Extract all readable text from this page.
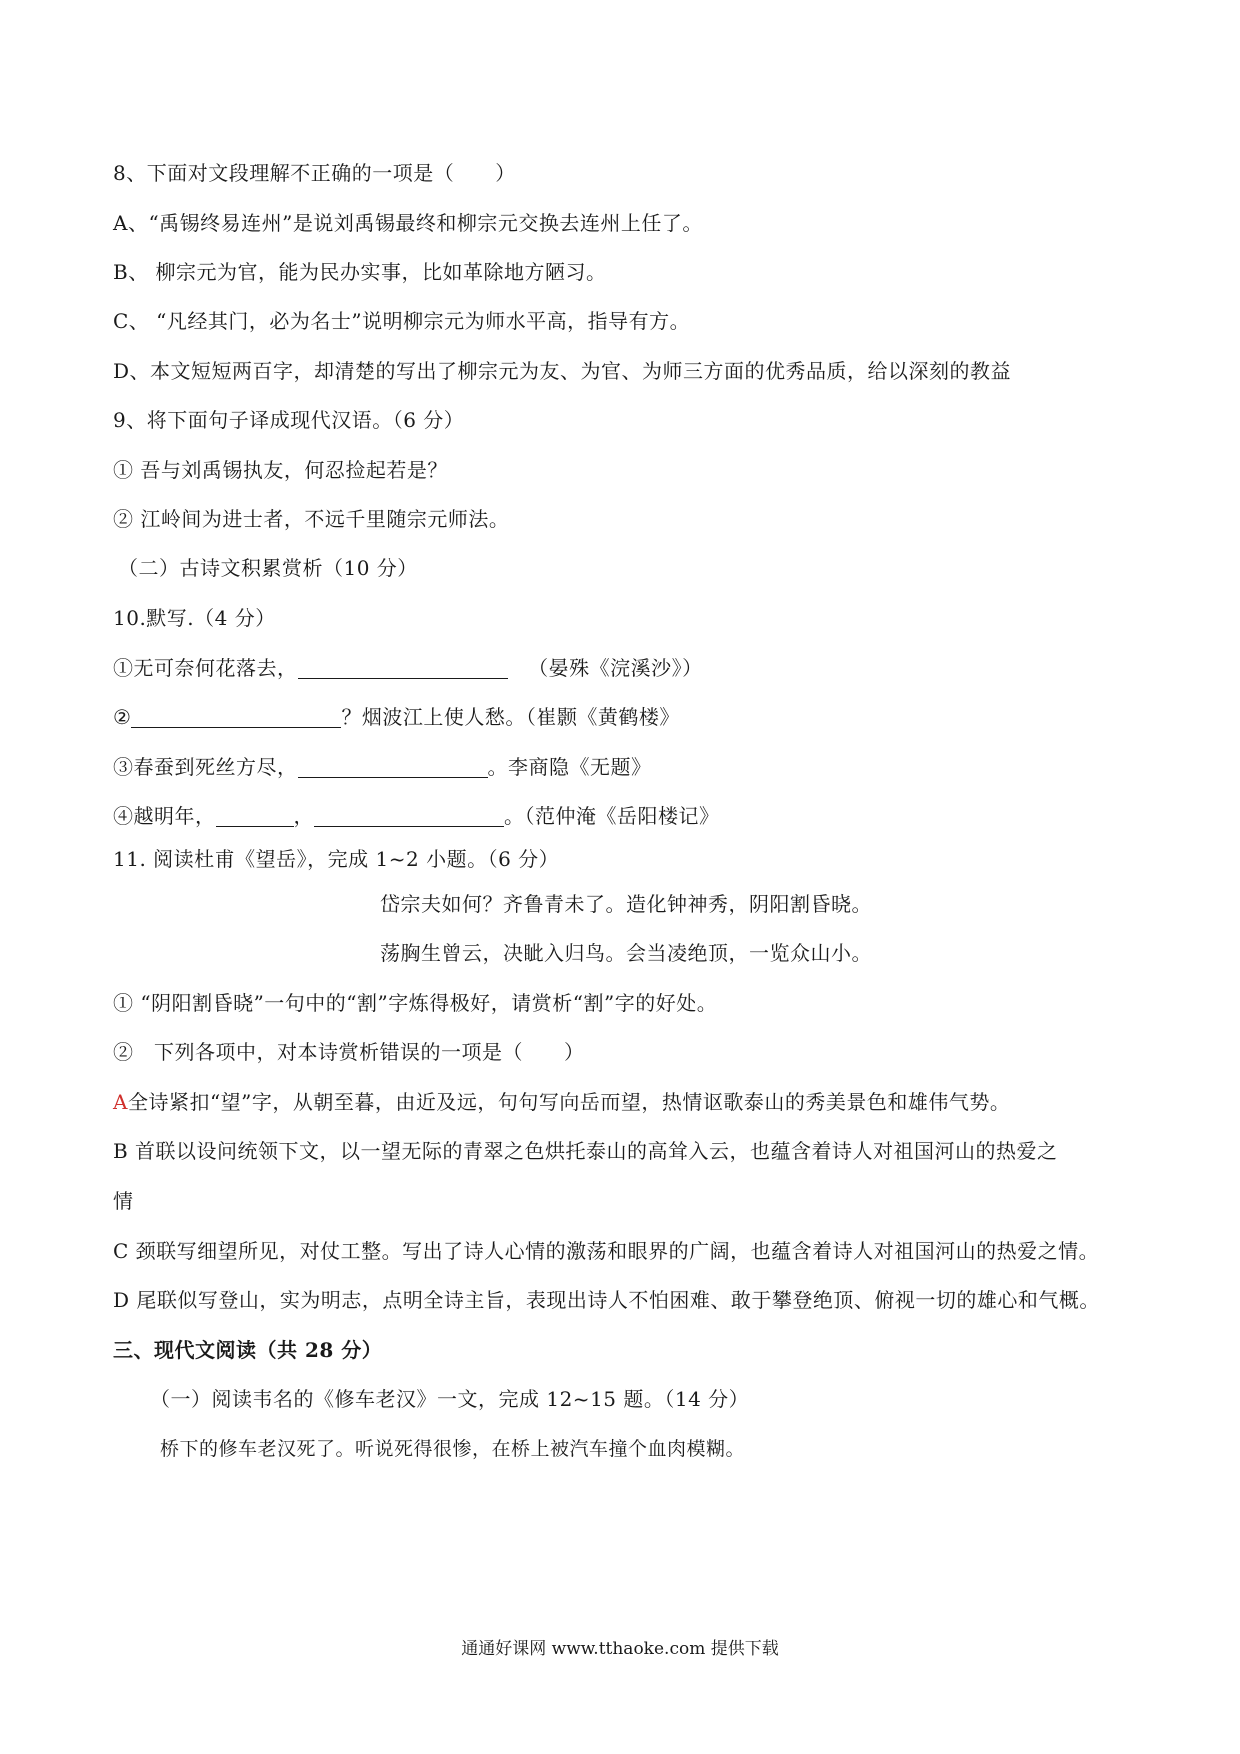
8、下面对文段理解不正确的一项是（　　）
A、“禹锡终易连州”是说刘禹锡最终和柳宗元交换去连州上任了。
B、 柳宗元为官，能为民办实事，比如革除地方陋习。
C、 “凡经其门，必为名士”说明柳宗元为师水平高，指导有方。
D、本文短短两百字，却清楚的写出了柳宗元为友、为官、为师三方面的优秀品质，给以深刻的教益
9、将下面句子译成现代汉语。（6 分）
① 吾与刘禹锡执友，何忍捡起若是？
② 江岭间为进士者，不远千里随宗元师法。
（二）古诗文积累赏析（10 分）
10.默写.（4 分）
①无可奈何花落去，	（晏殊《浣溪沙》）
②	？烟波江上使人愁。（崔颢《黄鹤楼》
③春蚕到死丝方尽，	。李商隐《无题》
④越明年，	，	。（范仲淹《岳阳楼记》
11. 阅读杜甫《望岳》，完成 1~2 小题。（6 分）
岱宗夫如何？齐鲁青未了。造化钟神秀，阴阳割昏晓。
荡胸生曾云，决眦入归鸟。会当凌绝顶，一览众山小。
① “阴阳割昏晓”一句中的“割”字炼得极好，请赏析“割”字的好处。
②　下列各项中，对本诗赏析错误的一项是（　　）
A全诗紧扣“望”字，从朝至暮，由近及远，句句写向岳而望，热情讴歌泰山的秀美景色和雄伟气势。
B 首联以设问统领下文，以一望无际的青翠之色烘托泰山的高耸入云，也蕴含着诗人对祖国河山的热爱之
情
C 颈联写细望所见，对仗工整。写出了诗人心情的激荡和眼界的广阔，也蕴含着诗人对祖国河山的热爱之情。
D 尾联似写登山，实为明志，点明全诗主旨，表现出诗人不怕困难、敢于攀登绝顶、俯视一切的雄心和气概。
三、现代文阅读（共 28 分）
（一）阅读韦名的《修车老汉》一文，完成 12~15 题。（14 分）
桥下的修车老汉死了。听说死得很惨，在桥上被汽车撞个血肉模糊。
通通好课网 www.tthaoke.com 提供下载
